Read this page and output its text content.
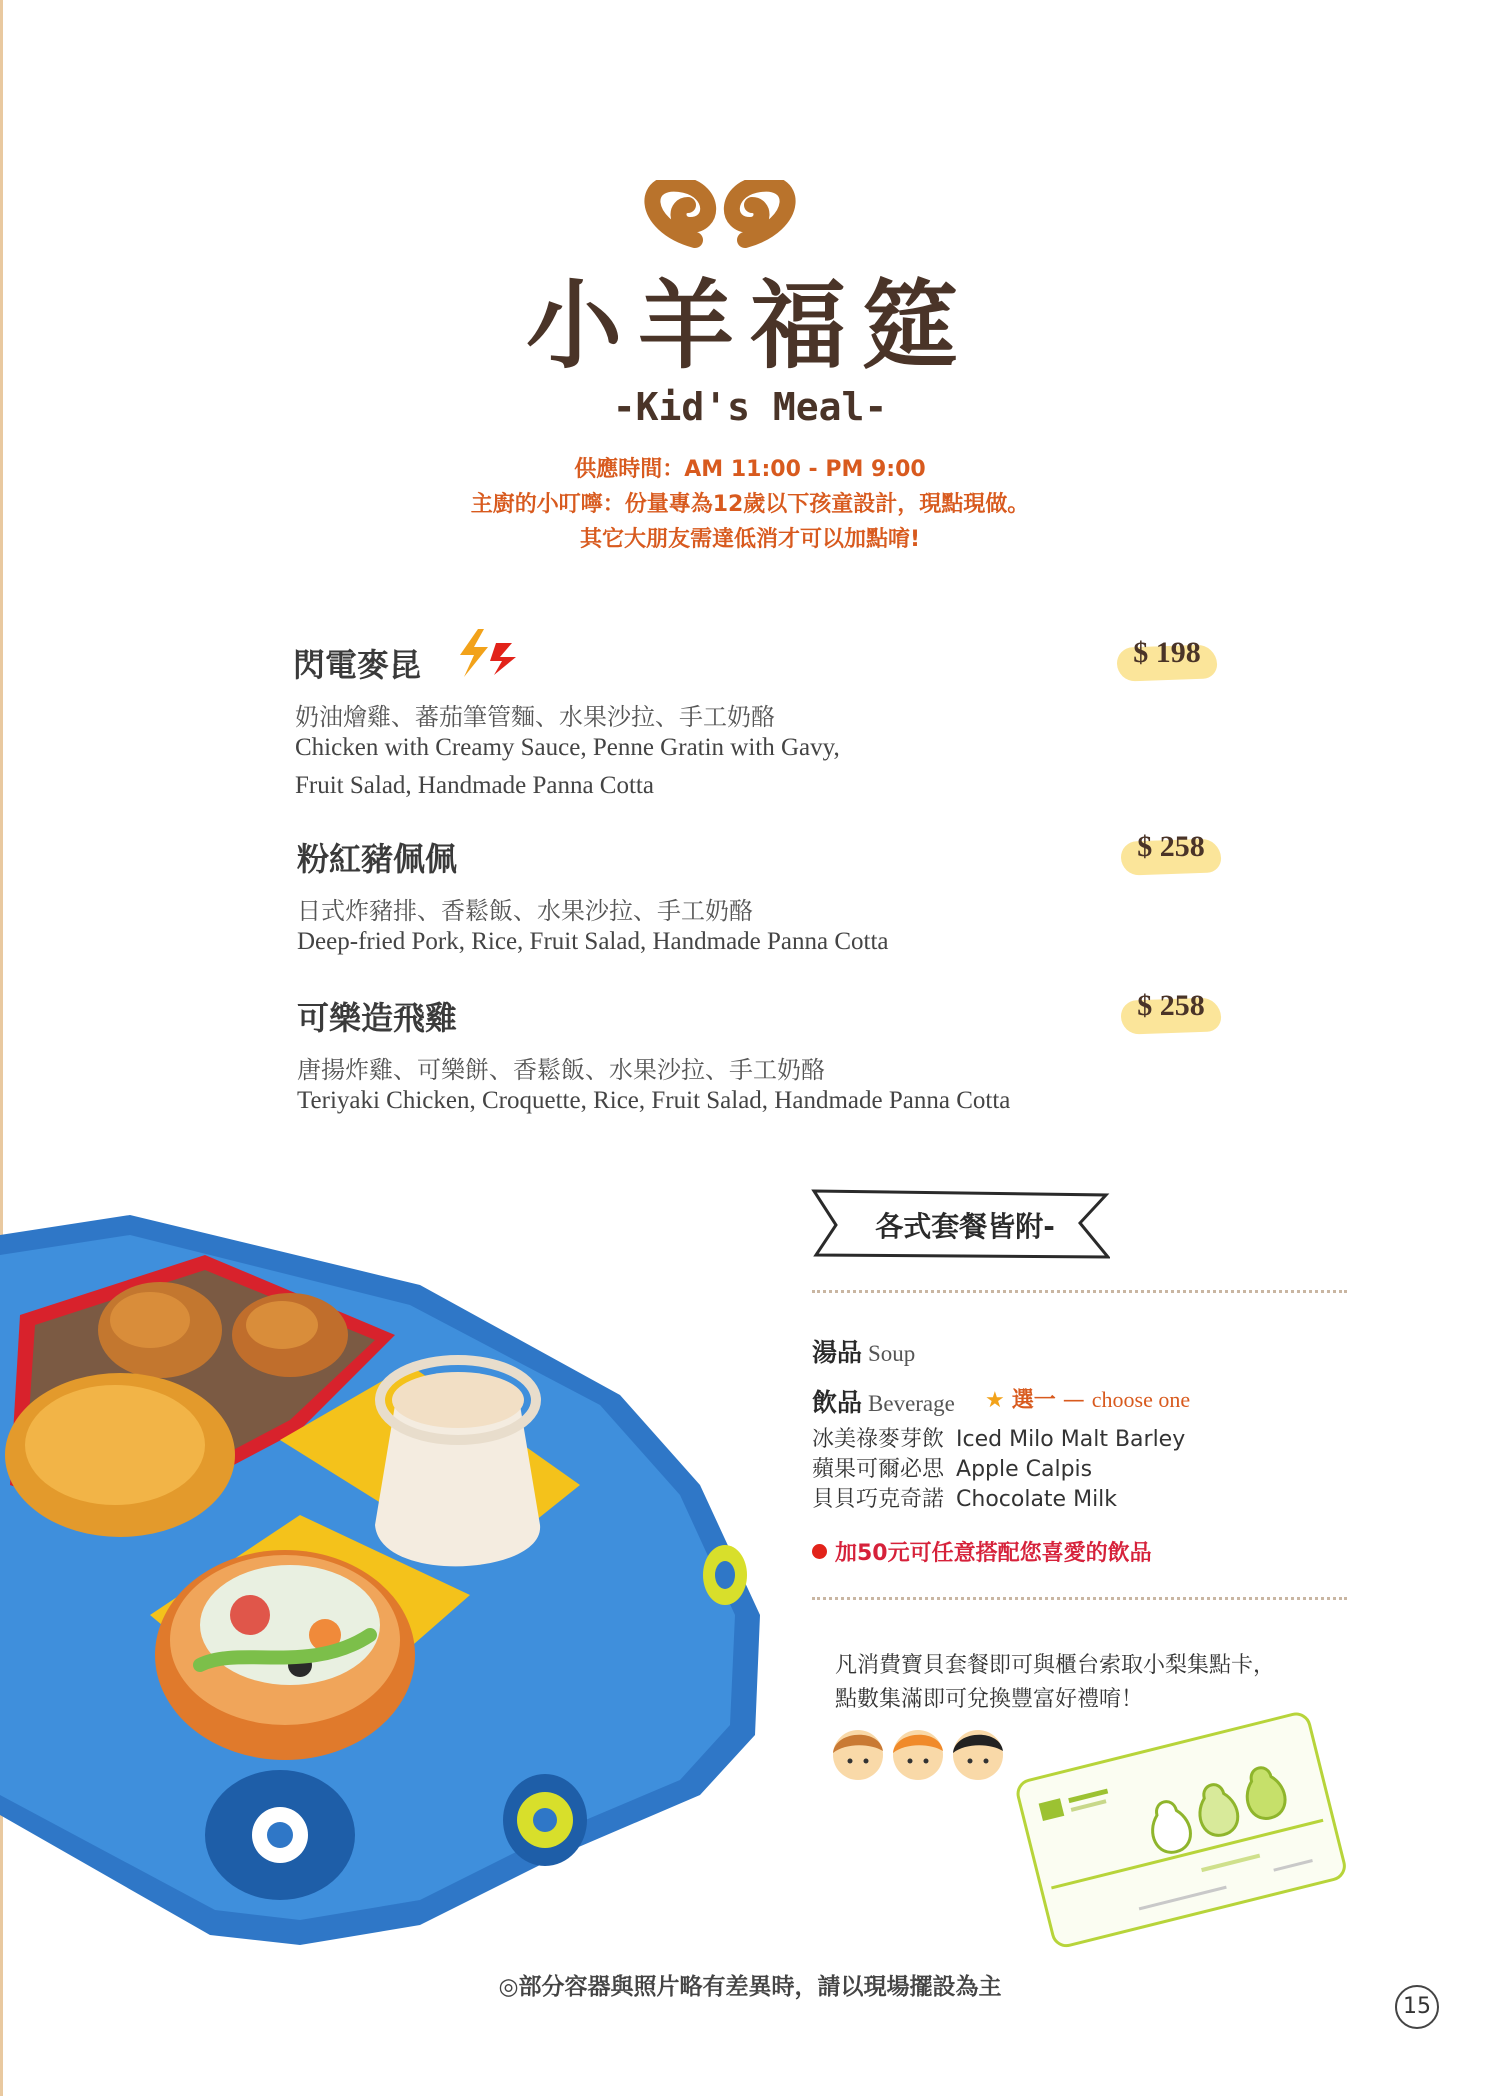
小羊福筵
-Kid's Meal-
供應時間：AM 11:00 - PM 9:00
主廚的小叮嚀：份量專為12歲以下孩童設計，現點現做。
其它大朋友需達低消才可以加點唷!
閃電麥昆	$ 198
奶油燴雞、蕃茄筆管麵、水果沙拉、手工奶酪
Chicken with Creamy Sauce, Penne Gratin with Gavy,
Fruit Salad, Handmade Panna Cotta
粉紅豬佩佩	$ 258
日式炸豬排、香鬆飯、水果沙拉、手工奶酪
Deep-fried Pork, Rice, Fruit Salad, Handmade Panna Cotta
可樂造飛雞	$ 258
唐揚炸雞、可樂餅、香鬆飯、水果沙拉、手工奶酪
Teriyaki Chicken, Croquette, Rice, Fruit Salad, Handmade Panna Cotta
各式套餐皆附-
湯品 Soup
飲品 Beverage ★ 選一 — choose one
冰美祿麥芽飲 Iced Milo Malt Barley
蘋果可爾必思 Apple Calpis
貝貝巧克奇諾 Chocolate Milk
加50元可任意搭配您喜愛的飲品
凡消費寶貝套餐即可與櫃台索取小梨集點卡，
點數集滿即可兌換豐富好禮唷！
◎部分容器與照片略有差異時，請以現場擺設為主
15
